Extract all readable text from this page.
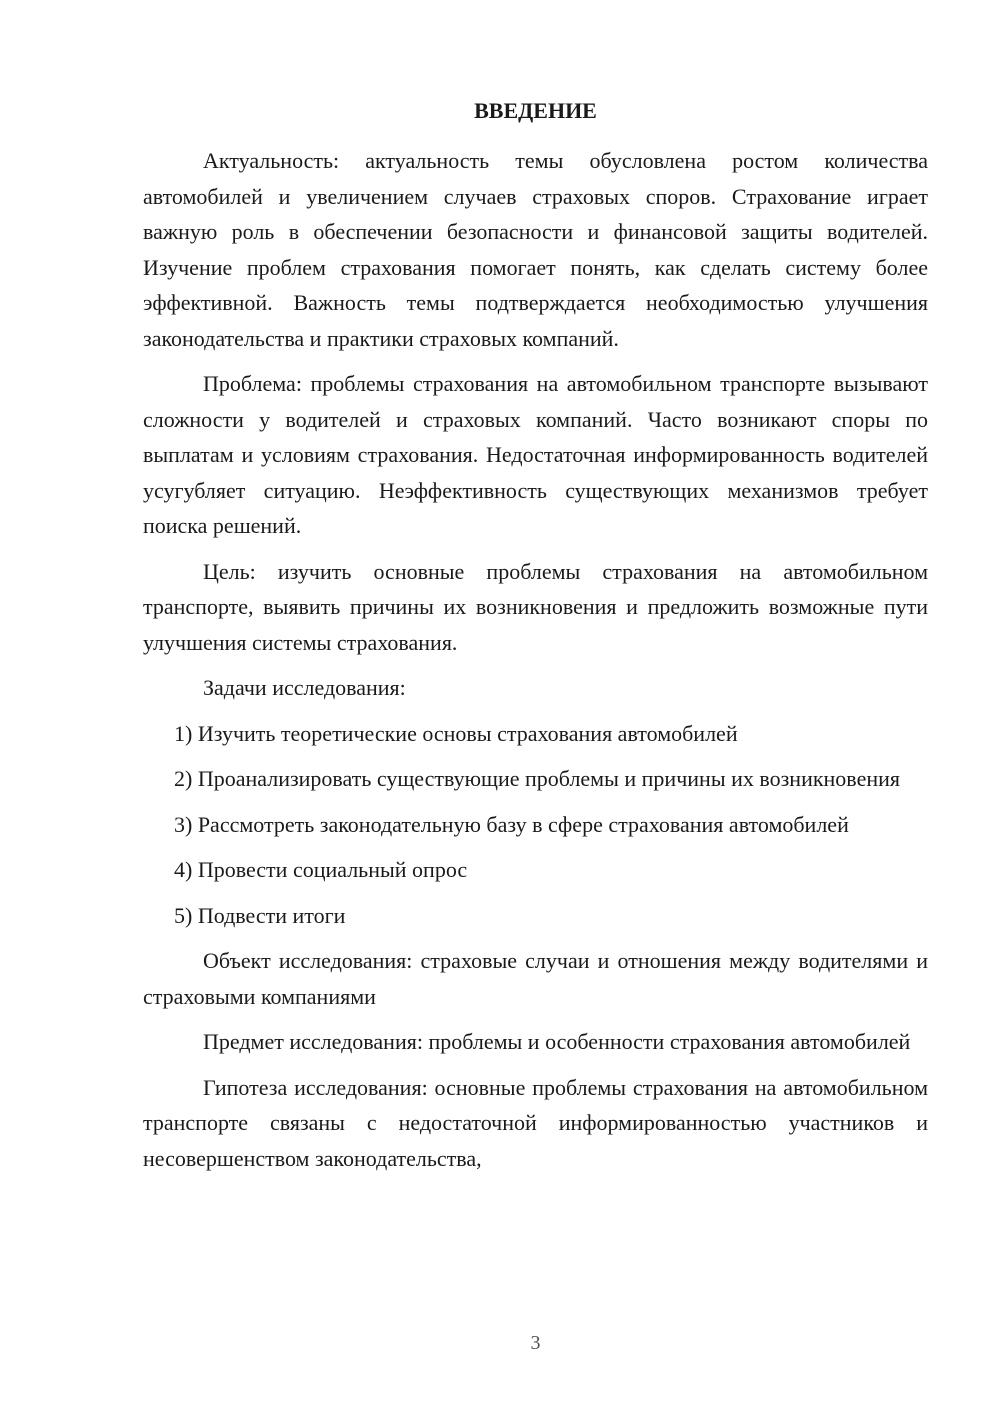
ВВЕДЕНИЕ

Актуальность: актуальность темы обусловлена ростом количества автомобилей и увеличением случаев страховых споров. Страхование играет важную роль в обеспечении безопасности и финансовой защиты водителей. Изучение проблем страхования помогает понять, как сделать систему более эффективной. Важность темы подтверждается необходимостью улучшения законодательства и практики страховых компаний.

Проблема: проблемы страхования на автомобильном транспорте вызывают сложности у водителей и страховых компаний. Часто возникают споры по выплатам и условиям страхования. Недостаточная информированность водителей усугубляет ситуацию. Неэффективность существующих механизмов требует поиска решений.

Цель: изучить основные проблемы страхования на автомобильном транспорте, выявить причины их возникновения и предложить возможные пути улучшения системы страхования.

Задачи исследования:

1) Изучить теоретические основы страхования автомобилей

2) Проанализировать существующие проблемы и причины их возникновения

3) Рассмотреть законодательную базу в сфере страхования автомобилей

4) Провести социальный опрос

5) Подвести итоги

Объект исследования: страховые случаи и отношения между водителями и страховыми компаниями

Предмет исследования: проблемы и особенности страхования автомобилей

Гипотеза исследования: основные проблемы страхования на автомобильном транспорте связаны с недостаточной информированностью участников и несовершенством законодательства,

3
